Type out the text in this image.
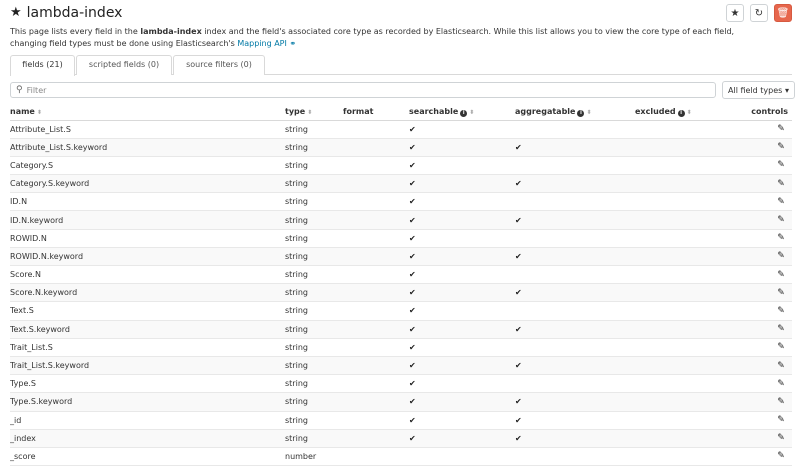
★ lambda-index	★ ↻ 🗑
This page lists every field in the lambda-index index and the field's associated core type as recorded by Elasticsearch. While this list allows you to view the core type of each field, changing field types must be done using Elasticsearch's Mapping API ⚭
fields (21)	scripted fields (0)	source filters (0)
⚲ Filter	All field types ▾
name ⬍	type ⬍	format	searchable i ⬍	aggregatable i ⬍	excluded i ⬍	controls
Attribute_List.S	string		✔			✎
Attribute_List.S.keyword	string		✔	✔		✎
Category.S	string		✔			✎
Category.S.keyword	string		✔	✔		✎
ID.N	string		✔			✎
ID.N.keyword	string		✔	✔		✎
ROWID.N	string		✔			✎
ROWID.N.keyword	string		✔	✔		✎
Score.N	string		✔			✎
Score.N.keyword	string		✔	✔		✎
Text.S	string		✔			✎
Text.S.keyword	string		✔	✔		✎
Trait_List.S	string		✔			✎
Trait_List.S.keyword	string		✔	✔		✎
Type.S	string		✔			✎
Type.S.keyword	string		✔	✔		✎
_id	string		✔	✔		✎
_index	string		✔	✔		✎
_score	number					✎
